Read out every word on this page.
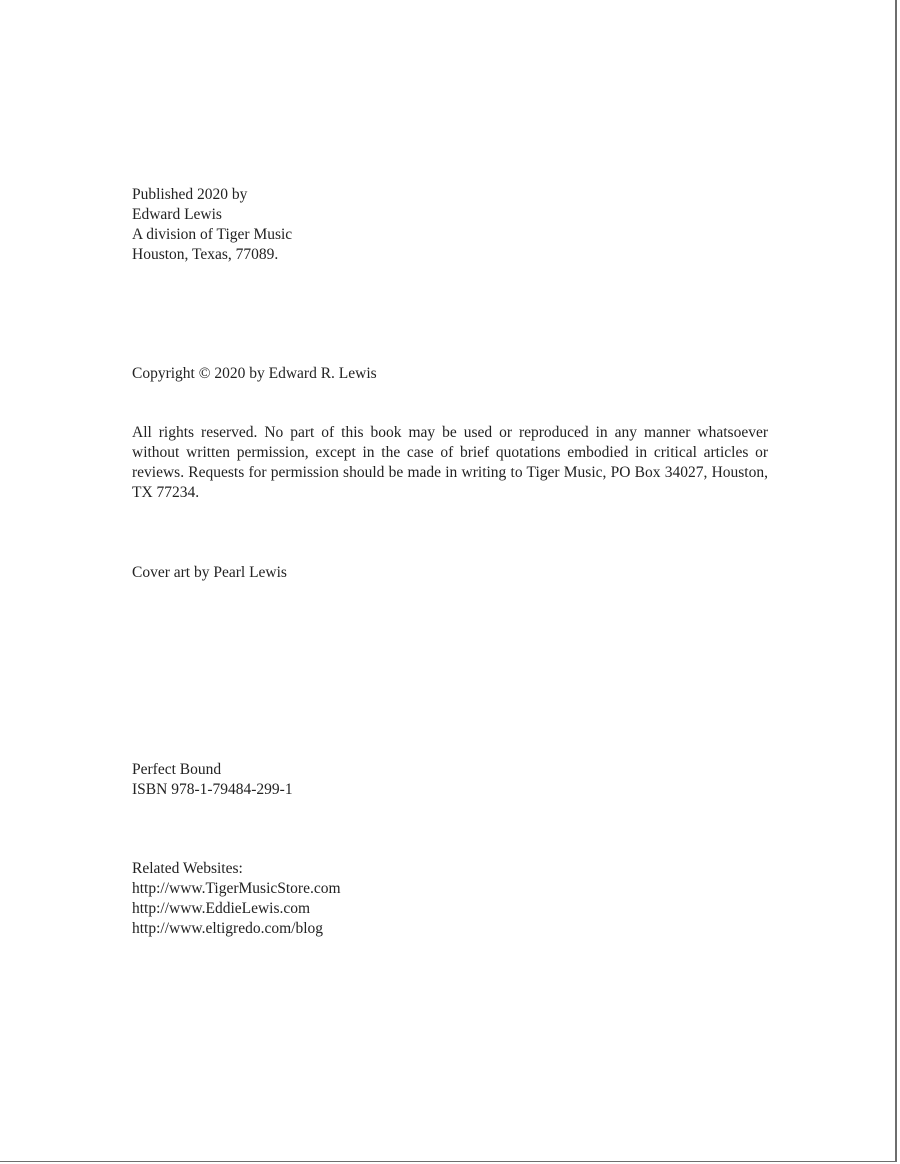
Published 2020 by
Edward Lewis
A division of Tiger Music
Houston, Texas, 77089.
Copyright © 2020 by Edward R. Lewis
All rights reserved. No part of this book may be used or reproduced in any manner whatsoever without written permission, except in the case of brief quotations embodied in critical articles or reviews. Requests for permission should be made in writing to Tiger Music, PO Box 34027, Houston, TX 77234.
Cover art by Pearl Lewis
Perfect Bound
ISBN 978-1-79484-299-1
Related Websites:
http://www.TigerMusicStore.com
http://www.EddieLewis.com
http://www.eltigredo.com/blog
